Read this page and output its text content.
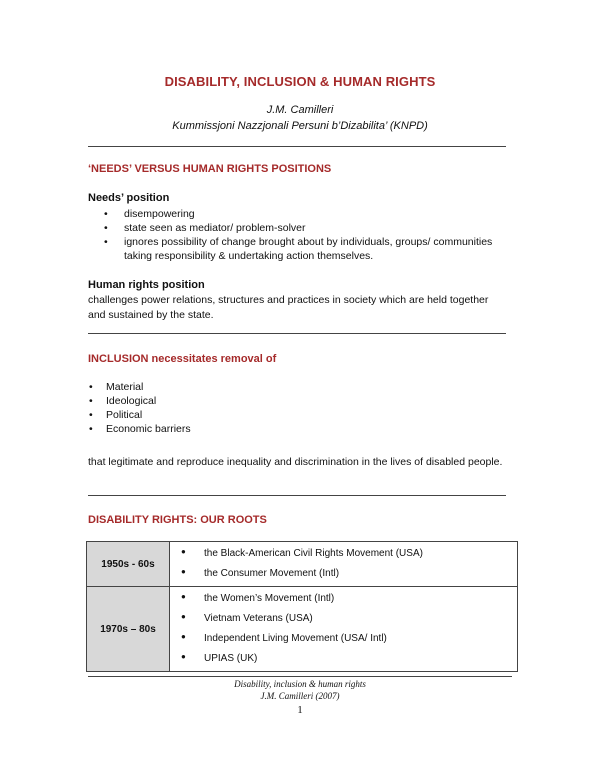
DISABILITY, INCLUSION & HUMAN RIGHTS
J.M. Camilleri
Kummissjoni Nazzjonali Persuni b’Dizabilita’ (KNPD)
‘NEEDS’ VERSUS HUMAN RIGHTS POSITIONS
Needs’ position
• disempowering
• state seen as mediator/ problem-solver
• ignores possibility of change brought about by individuals, groups/ communities
taking responsibility & undertaking action themselves.
Human rights position
challenges power relations, structures and practices in society which are held together and sustained by the state.
INCLUSION necessitates removal of
• Material
• Ideological
• Political
• Economic barriers
that legitimate and reproduce inequality and discrimination in the lives of disabled people.
DISABILITY RIGHTS: OUR ROOTS
1950s - 60s	● the Black-American Civil Rights Movement (USA)
● the Consumer Movement (Intl)

1970s – 80s	● the Women’s Movement (Intl)
● Vietnam Veterans (USA)
● Independent Living Movement (USA/ Intl)
● UPIAS (UK)
Disability, inclusion & human rights
J.M. Camilleri (2007)
1
